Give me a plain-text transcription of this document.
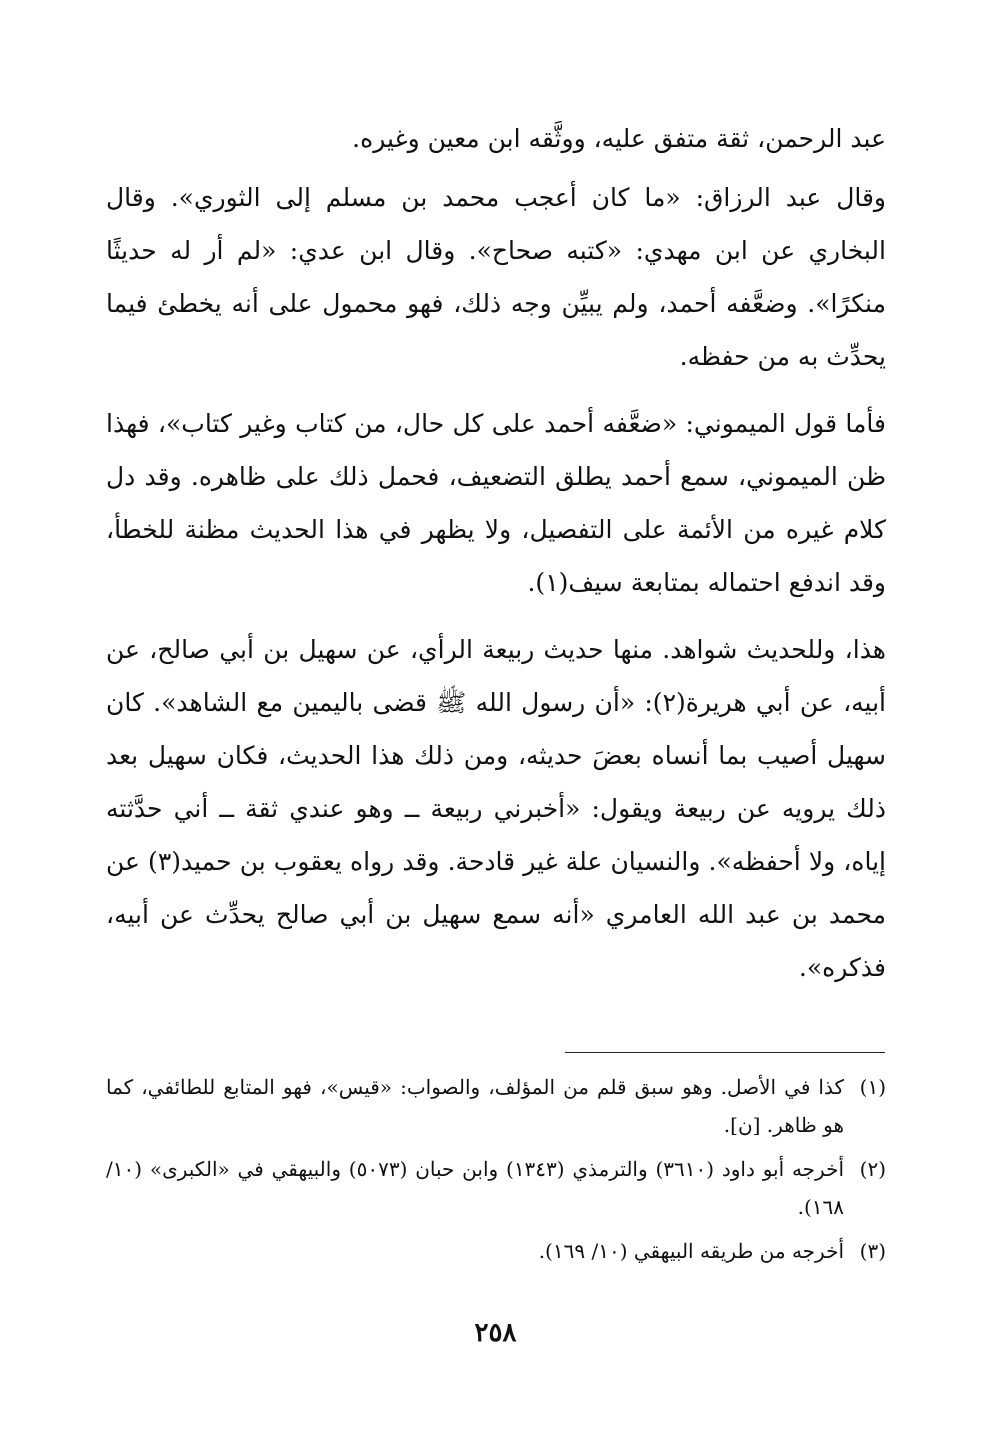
عبد الرحمن، ثقة متفق عليه، ووثَّقه ابن معين وغيره.

وقال عبد الرزاق: «ما كان أعجب محمد بن مسلم إلى الثوري». وقال البخاري عن ابن مهدي: «كتبه صحاح». وقال ابن عدي: «لم أر له حديثًا منكرًا». وضعَّفه أحمد، ولم يبيِّن وجه ذلك، فهو محمول على أنه يخطئ فيما يحدِّث به من حفظه.

فأما قول الميموني: «ضعَّفه أحمد على كل حال، من كتاب وغير كتاب»، فهذا ظن الميموني، سمع أحمد يطلق التضعيف، فحمل ذلك على ظاهره. وقد دل كلام غيره من الأئمة على التفصيل، ولا يظهر في هذا الحديث مظنة للخطأ، وقد اندفع احتماله بمتابعة سيف(١).

هذا، وللحديث شواهد. منها حديث ربيعة الرأي، عن سهيل بن أبي صالح، عن أبيه، عن أبي هريرة(٢): «أن رسول الله ﷺ قضى باليمين مع الشاهد». كان سهيل أصيب بما أنساه بعضَ حديثه، ومن ذلك هذا الحديث، فكان سهيل بعد ذلك يرويه عن ربيعة ويقول: «أخبرني ربيعة ــ وهو عندي ثقة ــ أني حدَّثته إياه، ولا أحفظه». والنسيان علة غير قادحة. وقد رواه يعقوب بن حميد(٣) عن محمد بن عبد الله العامري «أنه سمع سهيل بن أبي صالح يحدِّث عن أبيه، فذكره».

(١)
كذا في الأصل. وهو سبق قلم من المؤلف، والصواب: «قيس»، فهو المتابع للطائفي، كما هو ظاهر. [ن].
(٢)
أخرجه أبو داود (٣٦١٠) والترمذي (١٣٤٣) وابن حبان (٥٠٧٣) والبيهقي في «الكبرى» (١٠/ ١٦٨).
(٣)
أخرجه من طريقه البيهقي (١٠/ ١٦٩).
٢٥٨
